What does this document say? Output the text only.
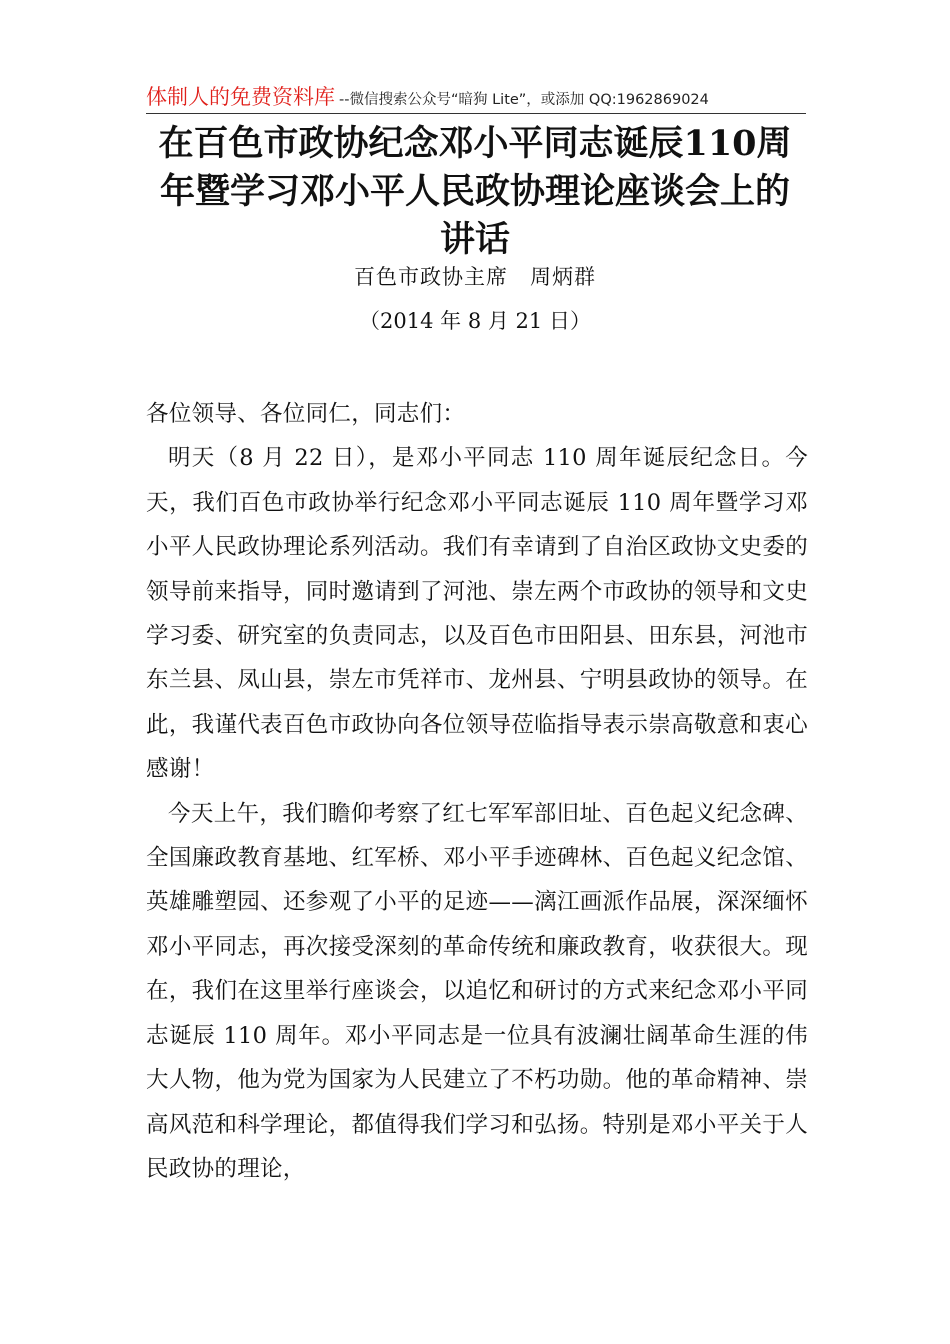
体制人的免费资料库 --微信搜索公众号“暗狗 Lite”，或添加 QQ:1962869024
在百色市政协纪念邓小平同志诞辰110周年暨学习邓小平人民政协理论座谈会上的讲话
百色市政协主席　周炳群
（2014 年 8 月 21 日）

各位领导、各位同仁，同志们：

明天（8 月 22 日），是邓小平同志 110 周年诞辰纪念日。今天，我们百色市政协举行纪念邓小平同志诞辰 110 周年暨学习邓小平人民政协理论系列活动。我们有幸请到了自治区政协文史委的领导前来指导，同时邀请到了河池、崇左两个市政协的领导和文史学习委、研究室的负责同志，以及百色市田阳县、田东县，河池市东兰县、凤山县，崇左市凭祥市、龙州县、宁明县政协的领导。在此，我谨代表百色市政协向各位领导莅临指导表示崇高敬意和衷心感谢！

今天上午，我们瞻仰考察了红七军军部旧址、百色起义纪念碑、全国廉政教育基地、红军桥、邓小平手迹碑林、百色起义纪念馆、英雄雕塑园、还参观了小平的足迹——漓江画派作品展，深深缅怀邓小平同志，再次接受深刻的革命传统和廉政教育，收获很大。现在，我们在这里举行座谈会，以追忆和研讨的方式来纪念邓小平同志诞辰 110 周年。邓小平同志是一位具有波澜壮阔革命生涯的伟大人物，他为党为国家为人民建立了不朽功勋。他的革命精神、崇高风范和科学理论，都值得我们学习和弘扬。特别是邓小平关于人民政协的理论，
